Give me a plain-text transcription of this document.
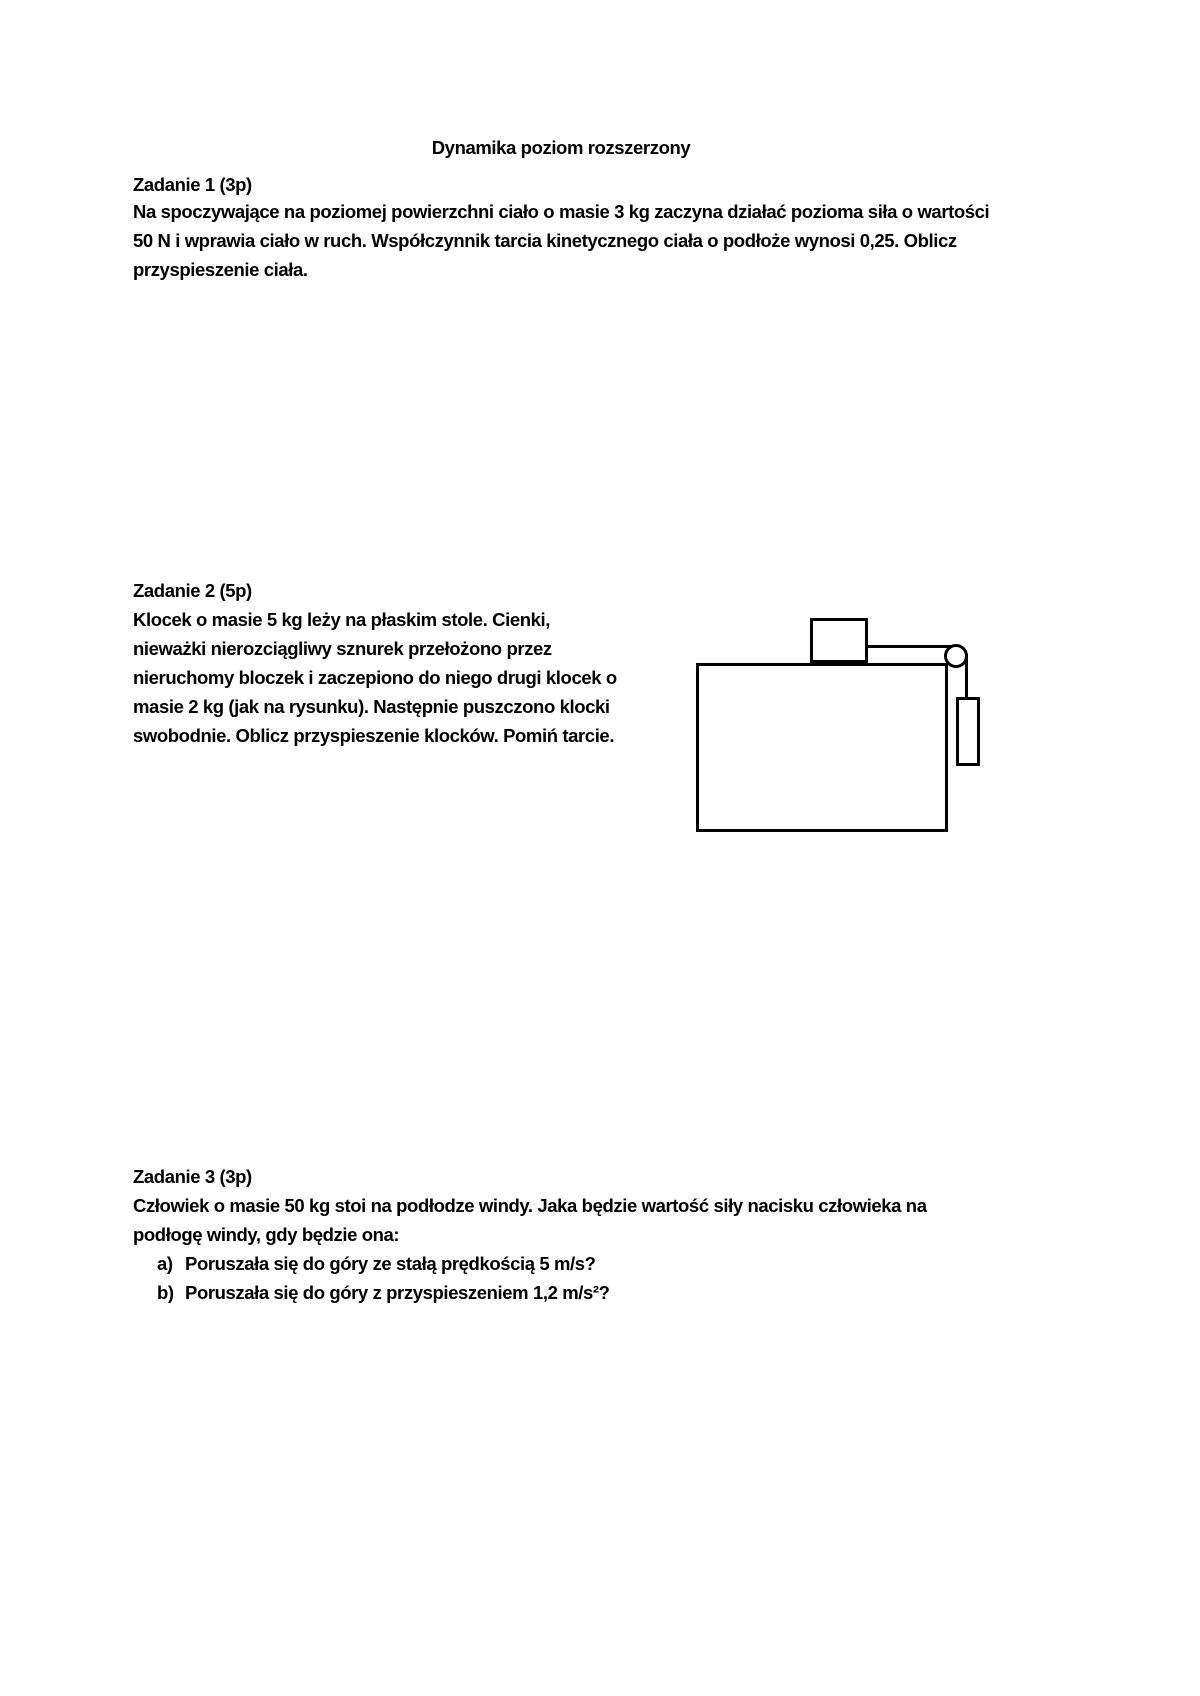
Dynamika poziom rozszerzony
Zadanie 1 (3p)
Na spoczywające na poziomej powierzchni ciało o masie 3 kg zaczyna działać pozioma siła o wartości
50 N i wprawia ciało w ruch. Współczynnik tarcia kinetycznego ciała o podłoże wynosi 0,25. Oblicz
przyspieszenie ciała.
Zadanie 2 (5p)
Klocek o masie 5 kg leży na płaskim stole. Cienki,
nieważki nierozciągliwy sznurek przełożono przez
nieruchomy bloczek i zaczepiono do niego drugi klocek o
masie 2 kg (jak na rysunku). Następnie puszczono klocki
swobodnie. Oblicz przyspieszenie klocków. Pomiń tarcie.
Zadanie 3 (3p)
Człowiek o masie 50 kg stoi na podłodze windy. Jaka będzie wartość siły nacisku człowieka na
podłogę windy, gdy będzie ona:
a) Poruszała się do góry ze stałą prędkością 5 m/s?
b) Poruszała się do góry z przyspieszeniem 1,2 m/s²?
